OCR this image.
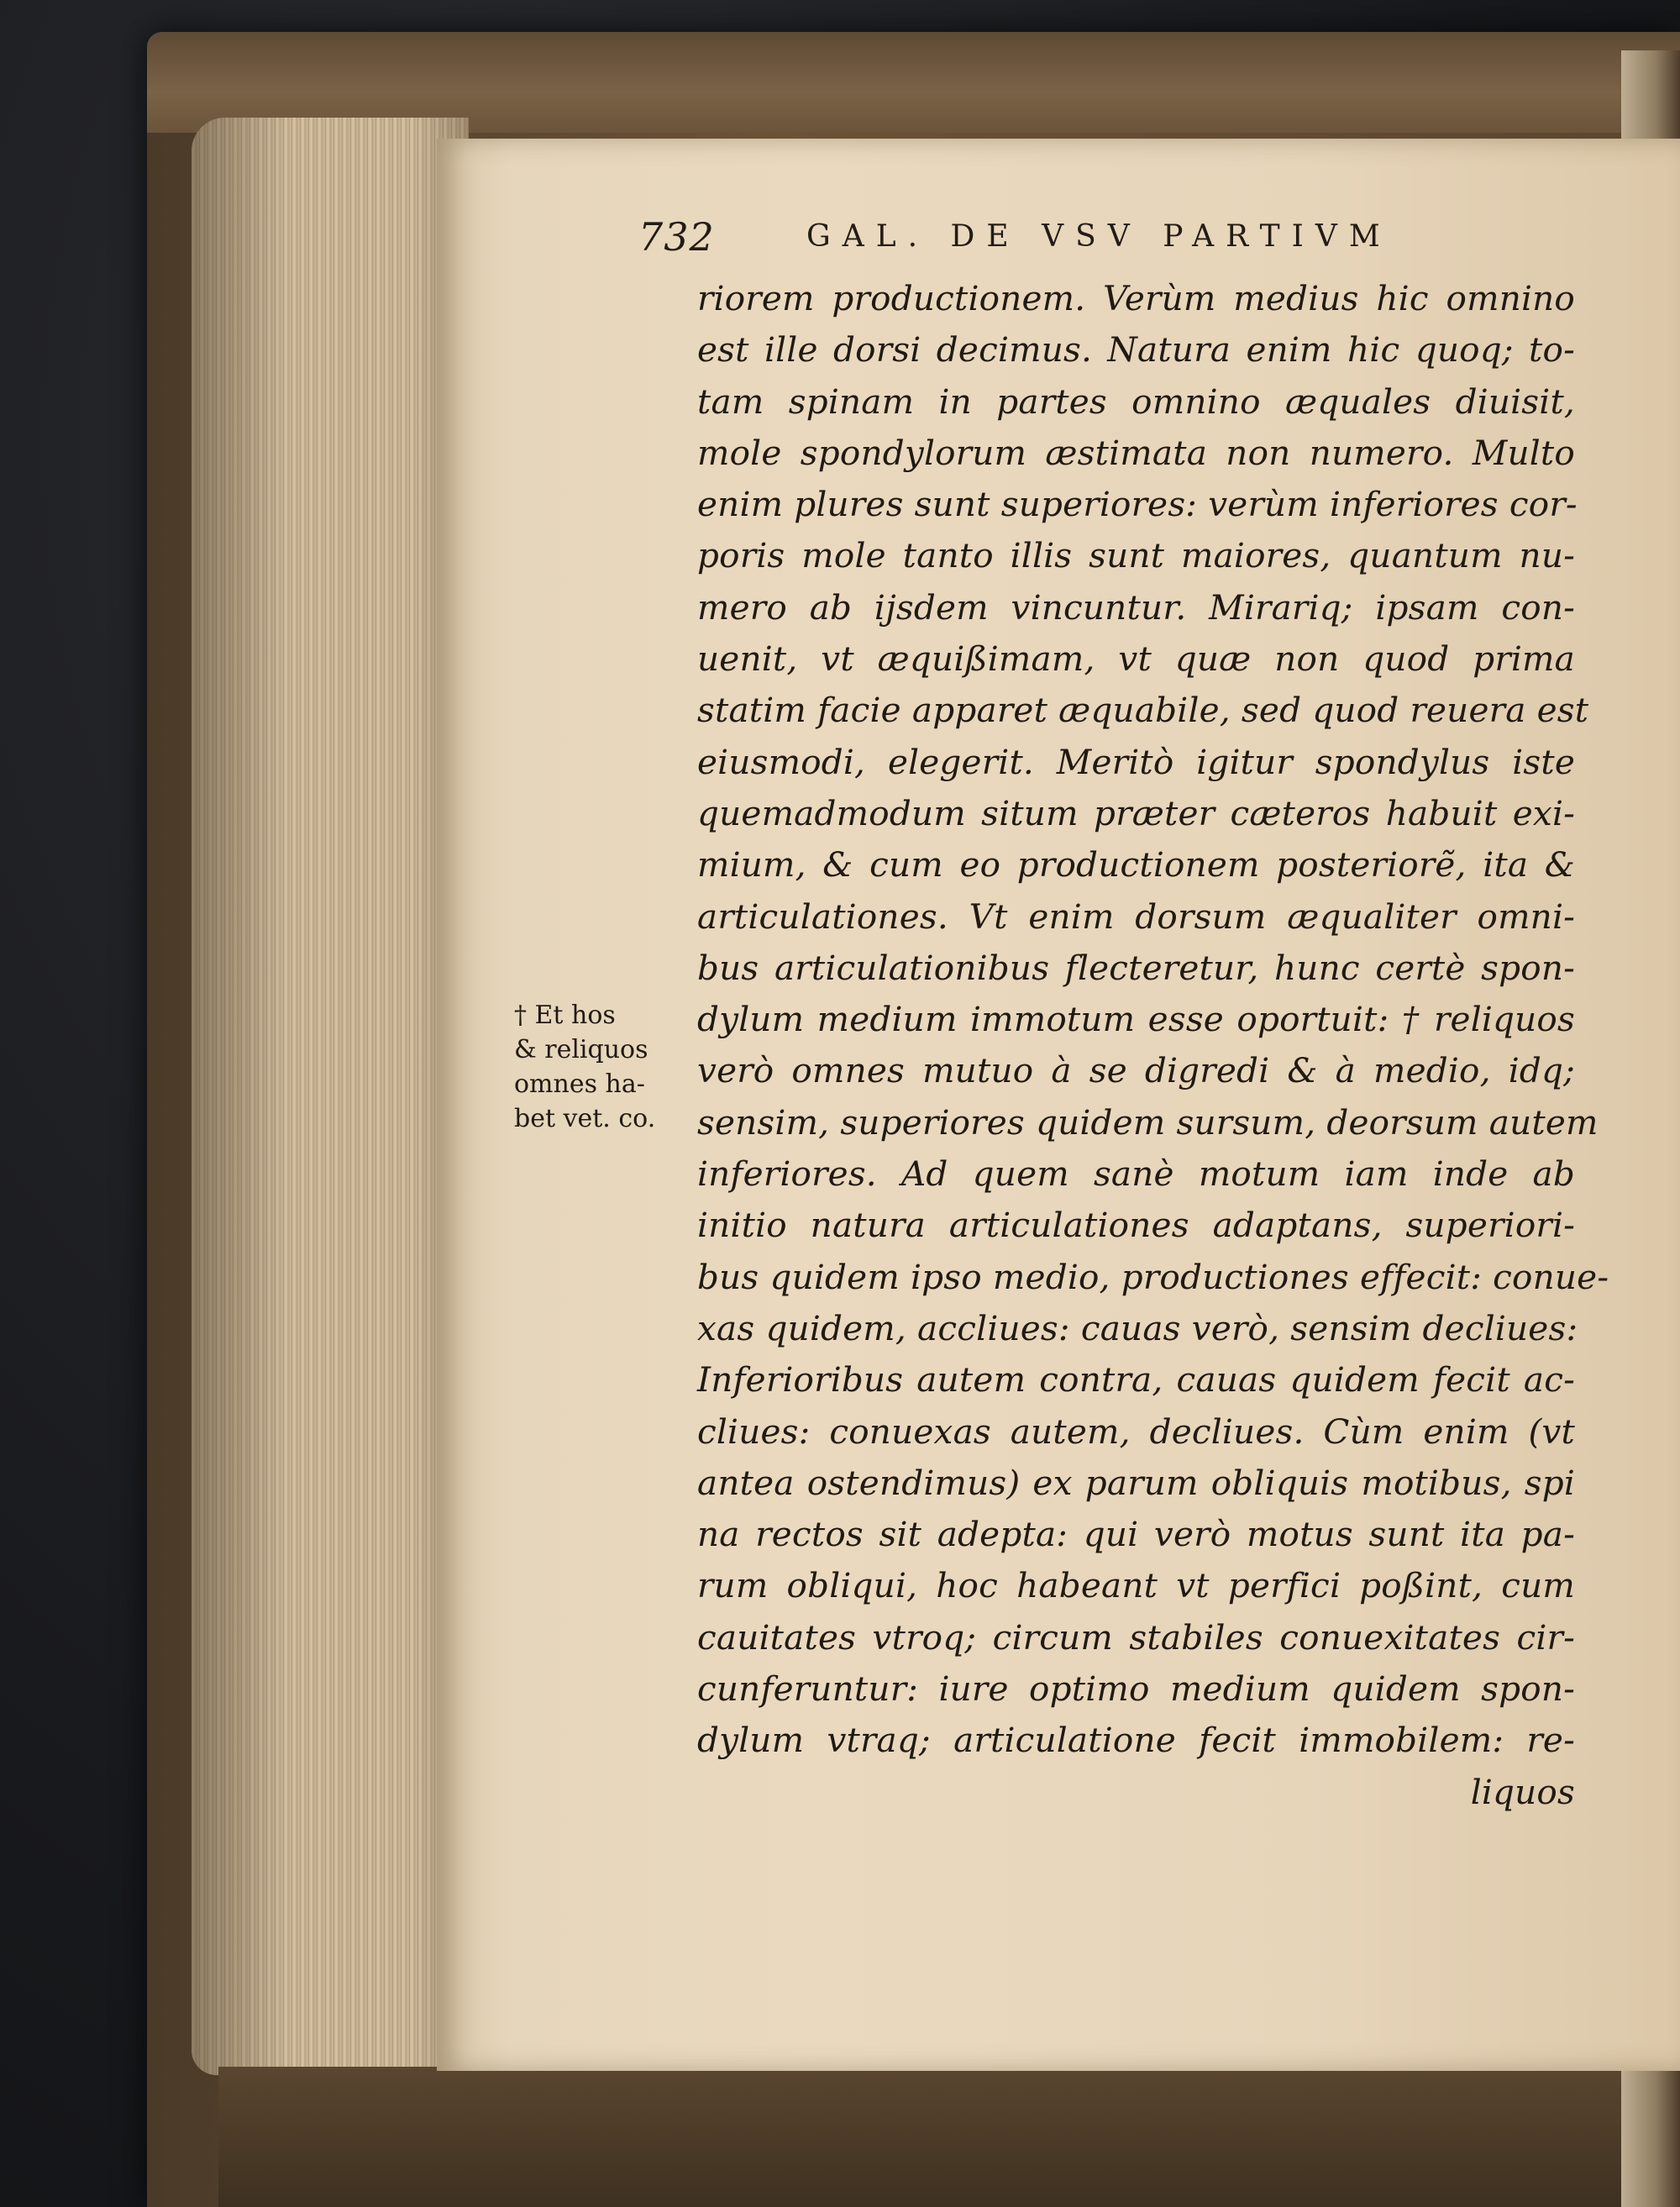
732	GAL. DE VSV PARTIVM
riorem productionem. Verùm medius hic omnino
est ille dorsi decimus. Natura enim hic quoq; to-
tam spinam in partes omnino æquales diuisit,
mole spondylorum æstimata non numero. Multo
enim plures sunt superiores: verùm inferiores cor-
poris mole tanto illis sunt maiores, quantum nu-
mero ab ijsdem vincuntur. Mirariq; ipsam con-
uenit, vt æquißimam, vt quæ non quod prima
statim facie apparet æquabile, sed quod reuera est
eiusmodi, elegerit. Meritò igitur spondylus iste
quemadmodum situm præter cæteros habuit exi-
mium, & cum eo productionem posteriorẽ, ita &
articulationes. Vt enim dorsum æqualiter omni-
bus articulationibus flecteretur, hunc certè spon-
dylum medium immotum esse oportuit: † reliquos
verò omnes mutuo à se digredi & à medio, idq;
sensim, superiores quidem sursum, deorsum autem
inferiores. Ad quem sanè motum iam inde ab
initio natura articulationes adaptans, superiori-
bus quidem ipso medio, productiones effecit: conue-
xas quidem, accliues: cauas verò, sensim decliues:
Inferioribus autem contra, cauas quidem fecit ac-
cliues: conuexas autem, decliues. Cùm enim (vt
antea ostendimus) ex parum obliquis motibus, spi
na rectos sit adepta: qui verò motus sunt ita pa-
rum obliqui, hoc habeant vt perfici poßint, cum
cauitates vtroq; circum stabiles conuexitates cir-
cunferuntur: iure optimo medium quidem spon-
dylum vtraq; articulatione fecit immobilem: re-
liquos
† Et hos
& reliquos
omnes ha-
bet vet. co.
